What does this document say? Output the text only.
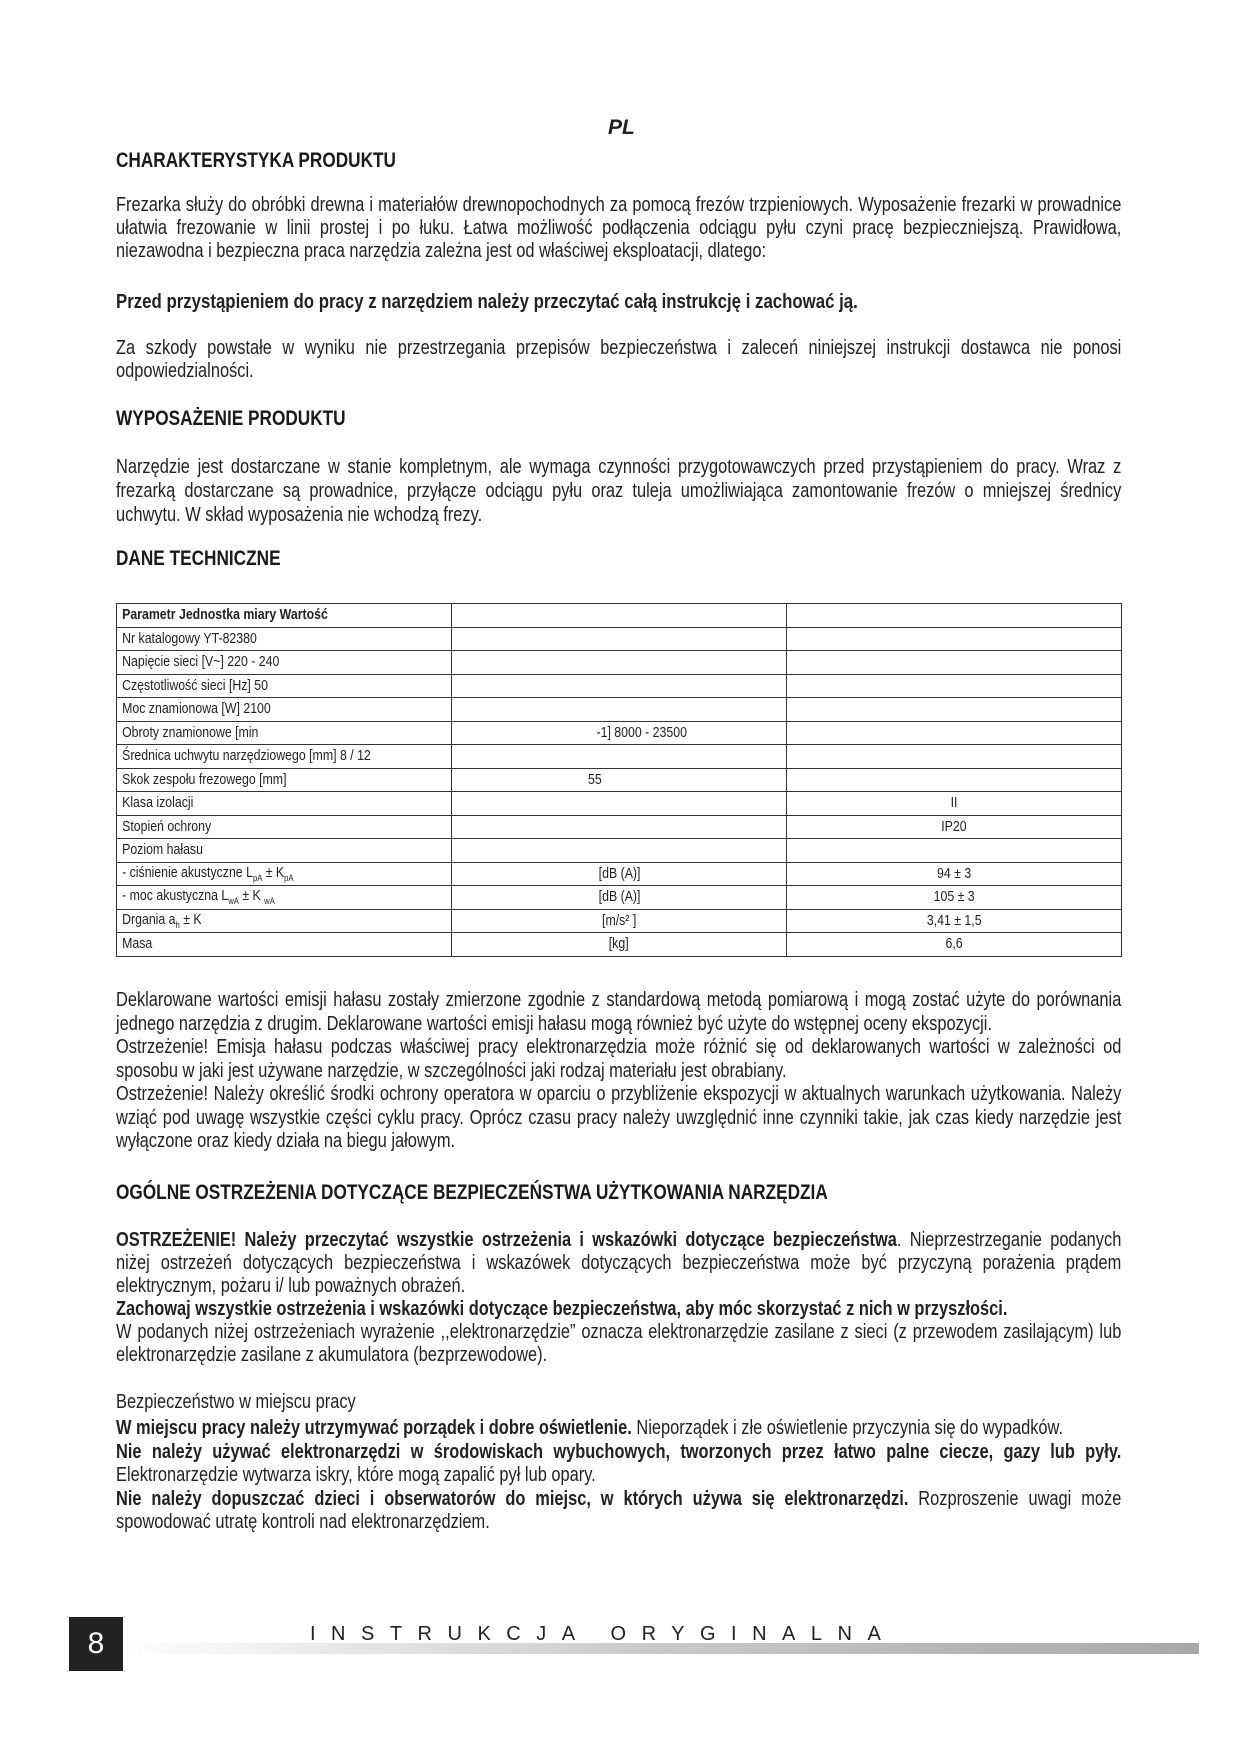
PL
CHARAKTERYSTYKA PRODUKTU
Frezarka służy do obróbki drewna i materiałów drewnopochodnych za pomocą frezów trzpieniowych. Wyposażenie frezarki w prowadnice ułatwia frezowanie w linii prostej i po łuku. Łatwa możliwość podłączenia odciągu pyłu czyni pracę bezpieczniejszą. Prawidłowa, niezawodna i bezpieczna praca narzędzia zależna jest od właściwej eksploatacji, dlatego:
Przed przystąpieniem do pracy z narzędziem należy przeczytać całą instrukcję i zachować ją.
Za szkody powstałe w wyniku nie przestrzegania przepisów bezpieczeństwa i zaleceń niniejszej instrukcji dostawca nie ponosi odpowiedzialności.
WYPOSAŻENIE PRODUKTU
Narzędzie jest dostarczane w stanie kompletnym, ale wymaga czynności przygotowawczych przed przystąpieniem do pracy. Wraz z frezarką dostarczane są prowadnice, przyłącze odciągu pyłu oraz tuleja umożliwiająca zamontowanie frezów o mniejszej średnicy uchwytu. W skład wyposażenia nie wchodzą frezy.
DANE TECHNICZNE
Parametr Jednostka miary Wartość		
Nr katalogowy YT-82380		
Napięcie sieci [V~] 220 - 240		
Częstotliwość sieci [Hz] 50		
Moc znamionowa [W] 2100		
Obroty znamionowe [min	-1] 8000 - 23500	
Średnica uchwytu narzędziowego [mm] 8 / 12		
Skok zespołu frezowego [mm]	55	
Klasa izolacji		II
Stopień ochrony		IP20
Poziom hałasu		
- ciśnienie akustyczne $L_{pA} \pm K_{pA}$	[dB (A)]	94 ± 3
- moc akustyczna $L_{wA} \pm K$ $_{wA}$	[dB (A)]	105 ± 3
Drgania $a_h \pm K$	[m/s² ]	3,41 ± 1,5
Masa	[kg]	6,6
Deklarowane wartości emisji hałasu zostały zmierzone zgodnie z standardową metodą pomiarową i mogą zostać użyte do porównania jednego narzędzia z drugim. Deklarowane wartości emisji hałasu mogą również być użyte do wstępnej oceny ekspozycji.
Ostrzeżenie! Emisja hałasu podczas właściwej pracy elektronarzędzia może różnić się od deklarowanych wartości w zależności od sposobu w jaki jest używane narzędzie, w szczególności jaki rodzaj materiału jest obrabiany.
Ostrzeżenie! Należy określić środki ochrony operatora w oparciu o przybliżenie ekspozycji w aktualnych warunkach użytkowania. Należy wziąć pod uwagę wszystkie części cyklu pracy. Oprócz czasu pracy należy uwzględnić inne czynniki takie, jak czas kiedy narzędzie jest wyłączone oraz kiedy działa na biegu jałowym.
OGÓLNE OSTRZEŻENIA DOTYCZĄCE BEZPIECZEŃSTWA UŻYTKOWANIA NARZĘDZIA
OSTRZEŻENIE! Należy przeczytać wszystkie ostrzeżenia i wskazówki dotyczące bezpieczeństwa. Nieprzestrzeganie podanych niżej ostrzeżeń dotyczących bezpieczeństwa i wskazówek dotyczących bezpieczeństwa może być przyczyną porażenia prądem elektrycznym, pożaru i/ lub poważnych obrażeń.
Zachowaj wszystkie ostrzeżenia i wskazówki dotyczące bezpieczeństwa, aby móc skorzystać z nich w przyszłości.
W podanych niżej ostrzeżeniach wyrażenie ,,elektronarzędzie” oznacza elektronarzędzie zasilane z sieci (z przewodem zasilającym) lub elektronarzędzie zasilane z akumulatora (bezprzewodowe).
Bezpieczeństwo w miejscu pracy
W miejscu pracy należy utrzymywać porządek i dobre oświetlenie. Nieporządek i złe oświetlenie przyczynia się do wypadków.
Nie należy używać elektronarzędzi w środowiskach wybuchowych, tworzonych przez łatwo palne ciecze, gazy lub pyły. Elektronarzędzie wytwarza iskry, które mogą zapalić pył lub opary.
Nie należy dopuszczać dzieci i obserwatorów do miejsc, w których używa się elektronarzędzi. Rozproszenie uwagi może spowodować utratę kontroli nad elektronarzędziem.
8	INSTRUKCJA ORYGINALNA
